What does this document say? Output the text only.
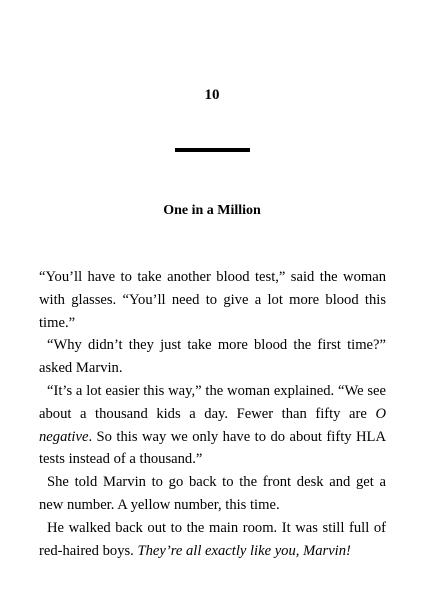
10
One in a Million

“You’ll have to take another blood test,” said the woman with glasses. “You’ll need to give a lot more blood this time.”

“Why didn’t they just take more blood the first time?” asked Marvin.

“It’s a lot easier this way,” the woman explained. “We see about a thousand kids a day. Fewer than fifty are O negative. So this way we only have to do about fifty HLA tests instead of a thousand.”

She told Marvin to go back to the front desk and get a new number. A yellow number, this time.

He walked back out to the main room. It was still full of red-haired boys. They’re all exactly like you, Marvin!
